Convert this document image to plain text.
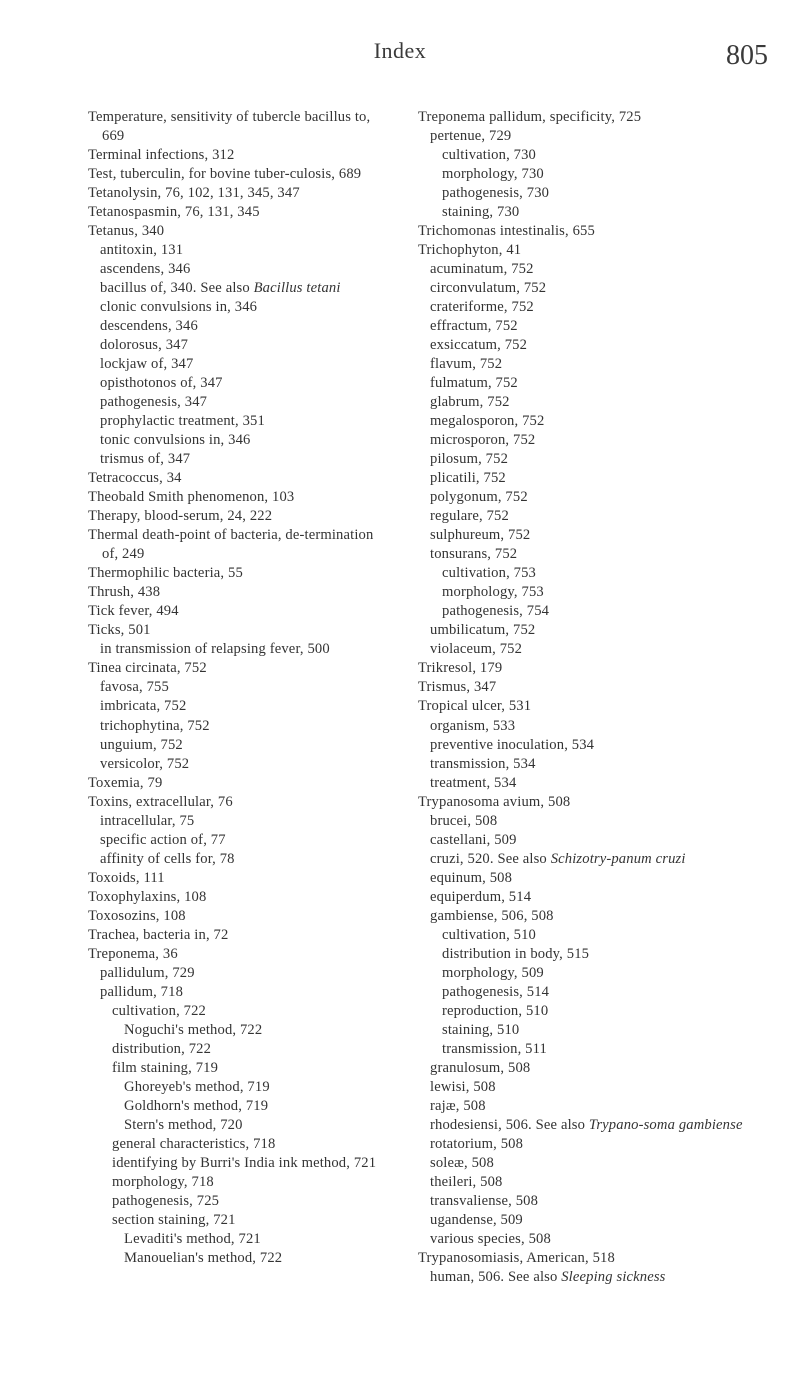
Index	805
Temperature, sensitivity of tubercle bacillus to, 669
Terminal infections, 312
Test, tuberculin, for bovine tuber-culosis, 689
Tetanolysin, 76, 102, 131, 345, 347
Tetanospasmin, 76, 131, 345
Tetanus, 340
antitoxin, 131
ascendens, 346
bacillus of, 340. See also Bacillus tetani
clonic convulsions in, 346
descendens, 346
dolorosus, 347
lockjaw of, 347
opisthotonos of, 347
pathogenesis, 347
prophylactic treatment, 351
tonic convulsions in, 346
trismus of, 347
Tetracoccus, 34
Theobald Smith phenomenon, 103
Therapy, blood-serum, 24, 222
Thermal death-point of bacteria, de-termination of, 249
Thermophilic bacteria, 55
Thrush, 438
Tick fever, 494
Ticks, 501
in transmission of relapsing fever, 500
Tinea circinata, 752
favosa, 755
imbricata, 752
trichophytina, 752
unguium, 752
versicolor, 752
Toxemia, 79
Toxins, extracellular, 76
intracellular, 75
specific action of, 77
affinity of cells for, 78
Toxoids, 111
Toxophylaxins, 108
Toxosozins, 108
Trachea, bacteria in, 72
Treponema, 36
pallidulum, 729
pallidum, 718
cultivation, 722
Noguchi's method, 722
distribution, 722
film staining, 719
Ghoreyeb's method, 719
Goldhorn's method, 719
Stern's method, 720
general characteristics, 718
identifying by Burri's India ink method, 721
morphology, 718
pathogenesis, 725
section staining, 721
Levaditi's method, 721
Manouelian's method, 722
Treponema pallidum, specificity, 725
pertenue, 729
cultivation, 730
morphology, 730
pathogenesis, 730
staining, 730
Trichomonas intestinalis, 655
Trichophyton, 41
acuminatum, 752
circonvulatum, 752
crateriforme, 752
effractum, 752
exsiccatum, 752
flavum, 752
fulmatum, 752
glabrum, 752
megalosporon, 752
microsporon, 752
pilosum, 752
plicatili, 752
polygonum, 752
regulare, 752
sulphureum, 752
tonsurans, 752
cultivation, 753
morphology, 753
pathogenesis, 754
umbilicatum, 752
violaceum, 752
Trikresol, 179
Trismus, 347
Tropical ulcer, 531
organism, 533
preventive inoculation, 534
transmission, 534
treatment, 534
Trypanosoma avium, 508
brucei, 508
castellani, 509
cruzi, 520. See also Schizotry-panum cruzi
equinum, 508
equiperdum, 514
gambiense, 506, 508
cultivation, 510
distribution in body, 515
morphology, 509
pathogenesis, 514
reproduction, 510
staining, 510
transmission, 511
granulosum, 508
lewisi, 508
rajæ, 508
rhodesiensi, 506. See also Trypano-soma gambiense
rotatorium, 508
soleæ, 508
theileri, 508
transvaliense, 508
ugandense, 509
various species, 508
Trypanosomiasis, American, 518
human, 506. See also Sleeping sickness
